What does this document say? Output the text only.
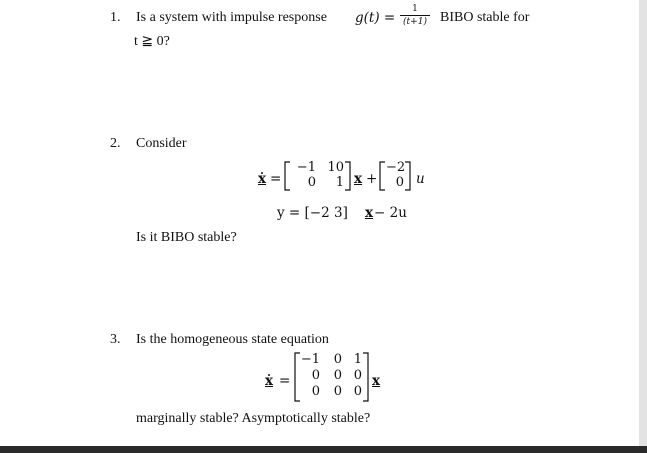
1. Is a system with impulse response g(t) =
1
(t+1) BIBO stable for
t ≧ 0?
2. Consider
ẋ =
−1 10
0	1 x +
−2
0 u
y = [−2 3] x − 2u
Is it BIBO stable?
3. Is the homogeneous state equation
ẋ =
−1	0 1
0	0 0
0	0 0
x
marginally stable? Asymptotically stable?
